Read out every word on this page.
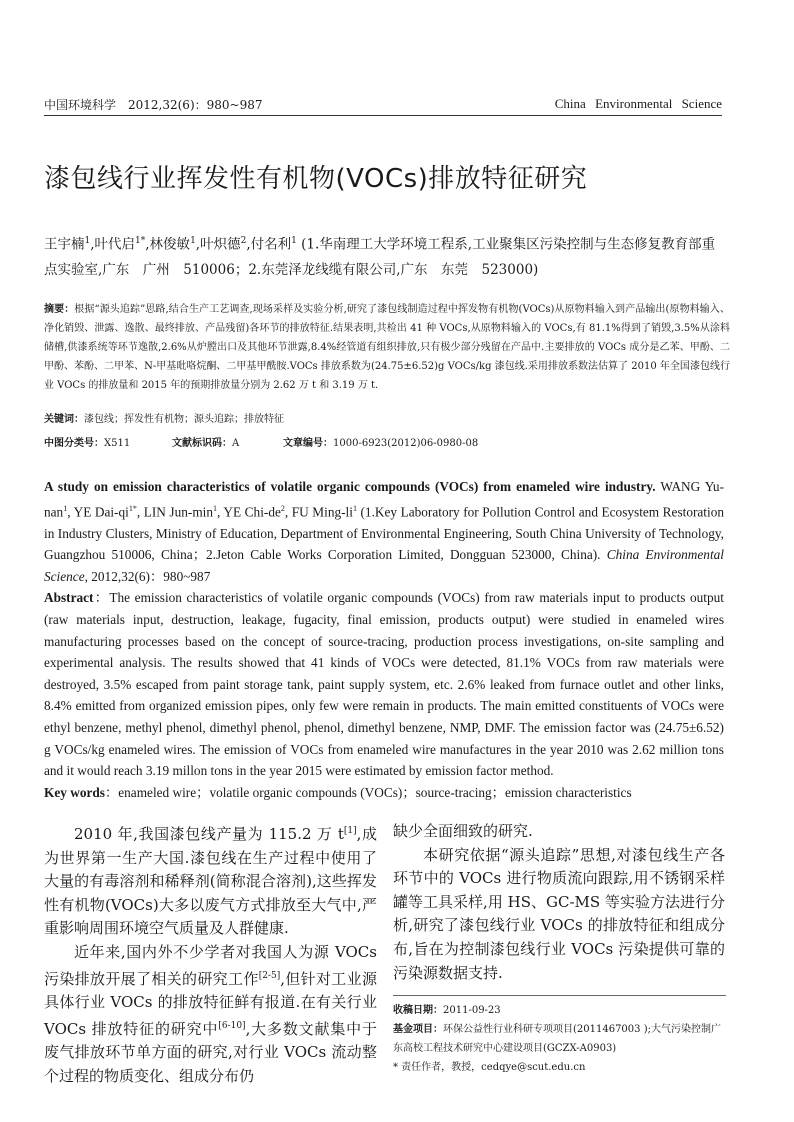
中国环境科学　2012,32(6)：980~987	China Environmental Science
漆包线行业挥发性有机物(VOCs)排放特征研究
王宇楠$^1$,叶代启$^{1*}$,林俊敏$^1$,叶炽德$^2$,付名利$^1$ (1.华南理工大学环境工程系,工业聚集区污染控制与生态修复教育部重点实验室,广东　广州　510006；2.东莞泽龙线缆有限公司,广东　东莞　523000)
摘要：根据“源头追踪”思路,结合生产工艺调查,现场采样及实验分析,研究了漆包线制造过程中挥发物有机物(VOCs)从原物料输入到产品输出(原物料输入、净化销毁、泄露、逸散、最终排放、产品残留)各环节的排放特征.结果表明,共检出 41 种 VOCs,从原物料输入的 VOCs,有 81.1%得到了销毁,3.5%从涂料储槽,供漆系统等环节逸散,2.6%从炉膛出口及其他环节泄露,8.4%经管道有组织排放,只有极少部分残留在产品中.主要排放的 VOCs 成分是乙苯、甲酚、二甲酚、苯酚、二甲苯、N-甲基吡咯烷酮、二甲基甲酰胺.VOCs 排放系数为(24.75±6.52)g VOCs/kg 漆包线.采用排放系数法估算了 2010 年全国漆包线行业 VOCs 的排放量和 2015 年的预期排放量分别为 2.62 万 t 和 3.19 万 t.
关键词：漆包线；挥发性有机物；源头追踪；排放特征
中图分类号：X511	文献标识码：A	文章编号：1000-6923(2012)06-0980-08
A study on emission characteristics of volatile organic compounds (VOCs) from enameled wire industry. WANG Yu-nan$^1$, YE Dai-$qi^{1*}$, LIN Jun-$\min^1$, YE Chi-$de^2$, FU Ming-$li^1$ (1.Key Laboratory for Pollution Control and Ecosystem Restoration in Industry Clusters, Ministry of Education, Department of Environmental Engineering, South China University of Technology, Guangzhou 510006, China；2.Jeton Cable Works Corporation Limited, Dongguan 523000, China). China Environmental Science, 2012,32(6)：980~987
Abstract：The emission characteristics of volatile organic compounds (VOCs) from raw materials input to products output (raw materials input, destruction, leakage, fugacity, final emission, products output) were studied in enameled wires manufacturing processes based on the concept of source-tracing, production process investigations, on-site sampling and experimental analysis. The results showed that 41 kinds of VOCs were detected, 81.1% VOCs from raw materials were destroyed, 3.5% escaped from paint storage tank, paint supply system, etc. 2.6% leaked from furnace outlet and other links, 8.4% emitted from organized emission pipes, only few were remain in products. The main emitted constituents of VOCs were ethyl benzene, methyl phenol, dimethyl phenol, phenol, dimethyl benzene, NMP, DMF. The emission factor was (24.75±6.52) g VOCs/kg enameled wires. The emission of VOCs from enameled wire manufactures in the year 2010 was 2.62 million tons and it would reach 3.19 millon tons in the year 2015 were estimated by emission factor method.
Key words：enameled wire；volatile organic compounds (VOCs)；source-tracing；emission characteristics

2010 年,我国漆包线产量为 115.2 万 t[1],成为世界第一生产大国.漆包线在生产过程中使用了大量的有毒溶剂和稀释剂(简称混合溶剂),这些挥发性有机物(VOCs)大多以废气方式排放至大气中,严重影响周围环境空气质量及人群健康.

近年来,国内外不少学者对我国人为源 VOCs 污染排放开展了相关的研究工作[2-5],但针对工业源具体行业 VOCs 的排放特征鲜有报道.在有关行业 VOCs 排放特征的研究中[6-10],大多数文献集中于废气排放环节单方面的研究,对行业 VOCs 流动整个过程的物质变化、组成分布仍

缺少全面细致的研究.

本研究依据“源头追踪”思想,对漆包线生产各环节中的 VOCs 进行物质流向跟踪,用不锈钢采样罐等工具采样,用 HS、GC-MS 等实验方法进行分析,研究了漆包线行业 VOCs 的排放特征和组成分布,旨在为控制漆包线行业 VOCs 污染提供可靠的污染源数据支持.

收稿日期：2011-09-23

基金项目：环保公益性行业科研专项项目(2011467003 );大气污染控制广东高校工程技术研究中心建设项目(GCZX-A0903)

* 责任作者，教授，cedqye@scut.edu.cn
